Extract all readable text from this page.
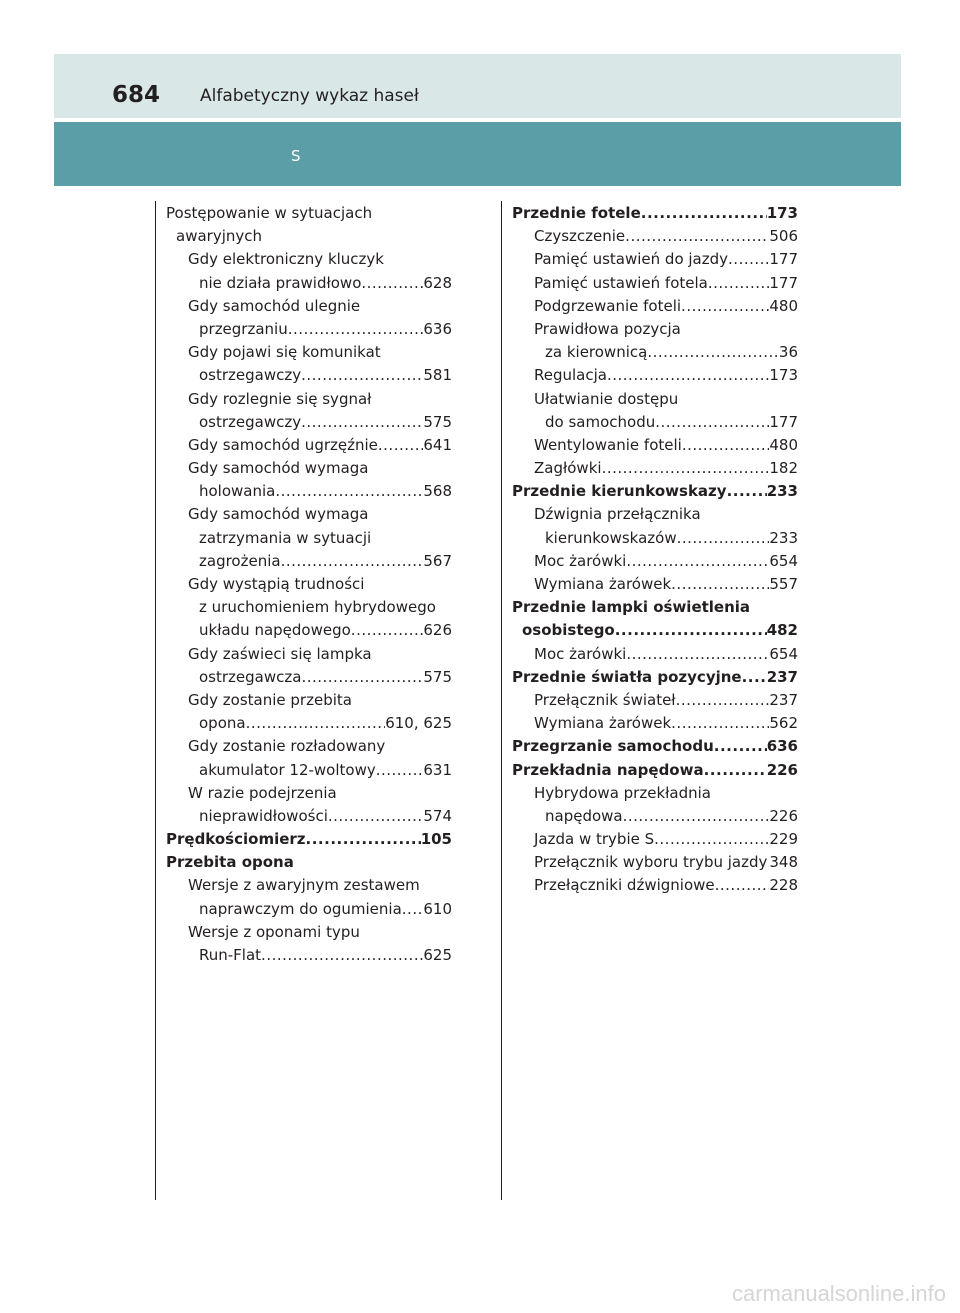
684 Alfabetyczny wykaz haseł
S
Postępowanie w sytuacjach
awaryjnych
Gdy elektroniczny kluczyk
nie działa prawidłowo .....	628
Gdy samochód ulegnie
przegrzaniu .....	636
Gdy pojawi się komunikat
ostrzegawczy .....	581
Gdy rozlegnie się sygnał
ostrzegawczy .....	575
Gdy samochód ugrzęźnie .....	641
Gdy samochód wymaga
holowania .....	568
Gdy samochód wymaga
zatrzymania w sytuacji
zagrożenia .....	567
Gdy wystąpią trudności
z uruchomieniem hybrydowego
układu napędowego .....	626
Gdy zaświeci się lampka
ostrzegawcza .....	575
Gdy zostanie przebita
opona .....	610, 625
Gdy zostanie rozładowany
akumulator 12-woltowy .....	631
W razie podejrzenia
nieprawidłowości .....	574
Prędkościomierz .....	105
Przebita opona
Wersje z awaryjnym zestawem
naprawczym do ogumienia ..... 610
Wersje z oponami typu
Run-Flat .....	625
Przednie fotele .....	173
Czyszczenie .....	506
Pamięć ustawień do jazdy .....	177
Pamięć ustawień fotela .....	177
Podgrzewanie foteli .....	480
Prawidłowa pozycja
za kierownicą .....	36
Regulacja .....	173
Ułatwianie dostępu
do samochodu .....	177
Wentylowanie foteli .....	480
Zagłówki .....	182
Przednie kierunkowskazy .....	233
Dźwignia przełącznika
kierunkowskazów .....	233
Moc żarówki .....	654
Wymiana żarówek .....	557
Przednie lampki oświetlenia
osobistego .....	482
Moc żarówki .....	654
Przednie światła pozycyjne ..... 237
Przełącznik świateł .....	237
Wymiana żarówek .....	562
Przegrzanie samochodu .....	636
Przekładnia napędowa .....	226
Hybrydowa przekładnia
napędowa .....	226
Jazda w trybie S .....	229
Przełącznik wyboru trybu jazdy ..... 348
Przełączniki dźwigniowe .....	228
carmanualsonline.info
